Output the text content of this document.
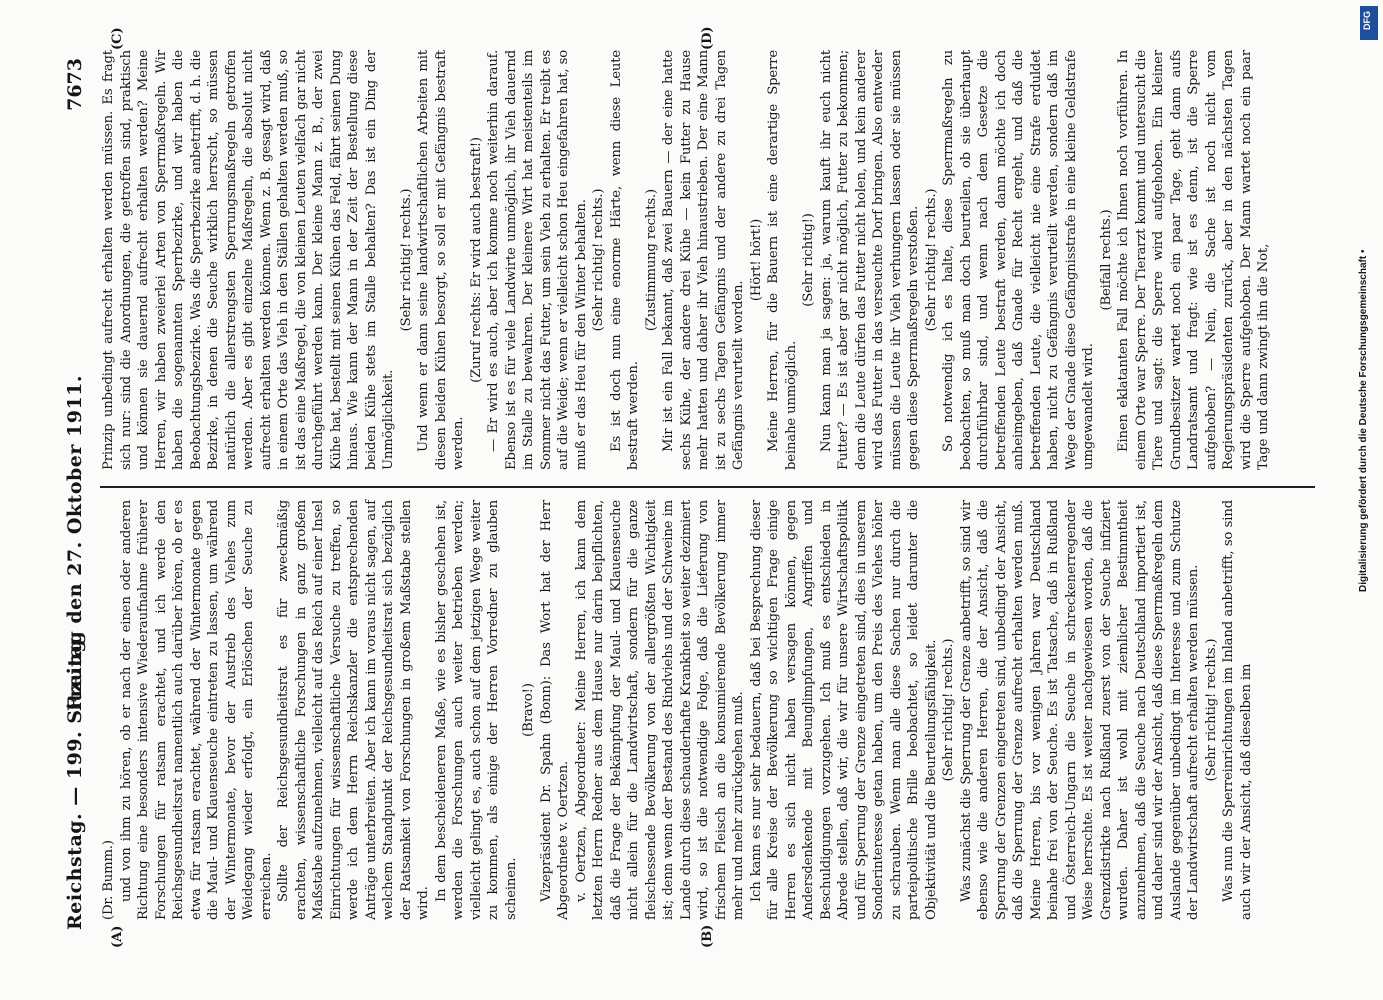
Reichstag. — 199. Sitzung.
Freitag den 27. Oktober 1911.
7673
(A)	(B)
(C)	(D)

(Dr. Bumm.) und von ihm zu hören, ob er nach der einen oder anderen Richtung eine besonders intensive Wiederaufnahme früherer Forschungen für ratsam erachtet, und ich werde den Reichsgesundheitsrat namentlich auch darüber hören, ob er es etwa für ratsam erachtet, während der Wintermonate gegen die Maul- und Klauenseuche eintreten zu lassen, um während der Wintermonate, bevor der Austrieb des Viehes zum Weidegang wieder erfolgt, ein Erlöschen der Seuche zu erreichen. Sollte der Reichsgesundheitsrat es für zweckmäßig erachten, wissenschaftliche Forschungen in ganz großem Maßstabe aufzunehmen, vielleicht auf das Reich auf einer Insel Einrichtungen für wissenschaftliche Versuche zu treffen, so werde ich dem Herrn Reichskanzler die entsprechenden Anträge unterbreiten. Aber ich kann im voraus nicht sagen, auf welchem Standpunkt der Reichsgesundheitsrat sich bezüglich der Ratsamkeit von Forschungen in großem Maßstabe stellen wird.

In dem bescheideneren Maße, wie es bisher geschehen ist, werden die Forschungen auch weiter betrieben werden; vielleicht gelingt es, auch schon auf dem jetzigen Wege weiter zu kommen, als einige der Herren Vorredner zu glauben scheinen.

(Bravo!) Vizepräsident Dr. Spahn (Bonn): Das Wort hat der Herr Abgeordnete v. Oertzen. v. Oertzen, Abgeordneter: Meine Herren, ich kann dem letzten Herrn Redner aus dem Hause nur darin beipflichten, daß die Frage der Bekämpfung der Maul- und Klauenseuche nicht allein für die Landwirtschaft, sondern für die ganze fleischessende Bevölkerung von der allergrößten Wichtigkeit ist; denn wenn der Bestand des Rindviehs und der Schweine im Lande durch diese schauderhafte Krankheit so weiter dezimiert wird, so ist die notwendige Folge, daß die Lieferung von frischem Fleisch an die konsumierende Bevölkerung immer mehr und mehr zurückgehen muß. Ich kann es nur sehr bedauern, daß bei Besprechung dieser für alle Kreise der Bevölkerung so wichtigen Frage einige Herren es sich nicht haben versagen können, gegen Andersdenkende mit Beunglimpfungen, Angriffen und Beschuldigungen vorzugehen. Ich muß es entschieden in Abrede stellen, daß wir, die wir für unsere Wirtschaftspolitik und für Sperrung der Grenze eingetreten sind, dies in unserem Sonderinteresse getan haben, um den Preis des Viehes höher zu schrauben. Wenn man alle diese Sachen nur durch die parteipolitische Brille beobachtet, so leidet darunter die Objektivität und die Beurteilungsfähigkeit. (Sehr richtig! rechts.) Was zunächst die Sperrung der Grenze anbetrifft, so sind wir ebenso wie die anderen Herren, die der Ansicht, daß die Sperrung der Grenzen eingetreten sind, unbedingt der Ansicht, daß die Sperrung der Grenze aufrecht erhalten werden muß. Meine Herren, bis vor wenigen Jahren war Deutschland beinahe frei von der Seuche. Es ist Tatsache, daß in Rußland und Österreich-Ungarn die Seuche in schreckenerregender Weise herrschte. Es ist weiter nachgewiesen worden, daß die Grenzdistrikte nach Rußland zuerst von der Seuche infiziert wurden. Daher ist wohl mit ziemlicher Bestimmtheit anzunehmen, daß die Seuche nach Deutschland importiert ist, und daher sind wir der Ansicht, daß diese Sperrmaßregeln dem Auslande gegenüber unbedingt im Interesse und zum Schutze der Landwirtschaft aufrecht erhalten werden müssen. (Sehr richtig! rechts.) Was nun die Sperreinrichtungen im Inland anbetrifft, so sind auch wir der Ansicht, daß dieselben im

Prinzip unbedingt aufrecht erhalten werden müssen. Es fragt sich nur: sind die Anordnungen, die getroffen sind, praktisch und können sie dauernd aufrecht erhalten werden? Meine Herren, wir haben zweierlei Arten von Sperrmaßregeln. Wir haben die sogenannten Sperrbezirke, und wir haben die Beobachtungsbezirke. Was die Sperrbezirke anbetrifft, d. h. die Bezirke, in denen die Seuche wirklich herrscht, so müssen natürlich die allerstrengsten Sperrungsmaßregeln getroffen werden. Aber es gibt einzelne Maßregeln, die absolut nicht aufrecht erhalten werden können. Wenn z. B. gesagt wird, daß in einem Orte das Vieh in den Ställen gehalten werden muß, so ist das eine Maßregel, die von kleinen Leuten vielfach gar nicht durchgeführt werden kann. Der kleine Mann z. B., der zwei Kühe hat, bestellt mit seinen Kühen das Feld, fährt seinen Dung hinaus. Wie kann der Mann in der Zeit der Bestellung diese beiden Kühe stets im Stalle behalten? Das ist ein Ding der Unmöglichkeit.

(Sehr richtig! rechts.) Und wenn er dann seine landwirtschaftlichen Arbeiten mit diesen beiden Kühen besorgt, so soll er mit Gefängnis bestraft werden.

(Zuruf rechts: Er wird auch bestraft!) — Er wird es auch, aber ich komme noch weiterhin darauf. Ebenso ist es für viele Landwirte unmöglich, ihr Vieh dauernd im Stalle zu bewahren. Der kleinere Wirt hat meistenteils im Sommer nicht das Futter, um sein Vieh zu erhalten. Er treibt es auf die Weide; wenn er vielleicht schon Heu eingefahren hat, so muß er das Heu für den Winter behalten. (Sehr richtig! rechts.) Es ist doch nun eine enorme Härte, wenn diese Leute bestraft werden.

(Zustimmung rechts.) Mir ist ein Fall bekannt, daß zwei Bauern — der eine hatte sechs Kühe, der andere drei Kühe — kein Futter zu Hause mehr hatten und daher ihr Vieh hinaustrieben. Der eine Mann ist zu sechs Tagen Gefängnis und der andere zu drei Tagen Gefängnis verurteilt worden.

(Hört! hört!) Meine Herren, für die Bauern ist eine derartige Sperre beinahe unmöglich.

(Sehr richtig!) Nun kann man ja sagen: ja, warum kauft ihr euch nicht Futter? — Es ist aber gar nicht möglich, Futter zu bekommen; denn die Leute dürfen das Futter nicht holen, und kein anderer wird das Futter in das verseuchte Dorf bringen. Also entweder müssen die Leute ihr Vieh verhungern lassen oder sie müssen gegen diese Sperrmaßregeln verstoßen. (Sehr richtig! rechts.) So notwendig ich es halte, diese Sperrmaßregeln zu beobachten, so muß man doch beurteilen, ob sie überhaupt durchführbar sind, und wenn nach dem Gesetze die betreffenden Leute bestraft werden, dann möchte ich doch anheimgeben, daß Gnade für Recht ergeht, und daß die betreffenden Leute, die vielleicht nie eine Strafe erduldet haben, nicht zu Gefängnis verurteilt werden, sondern daß im Wege der Gnade diese Gefängnisstrafe in eine kleine Geldstrafe umgewandelt wird.

(Beifall rechts.) Einen eklatanten Fall möchte ich Ihnen noch vorführen. In einem Orte war Sperre. Der Tierarzt kommt und untersucht die Tiere und sagt: die Sperre wird aufgehoben. Ein kleiner Grundbesitzer wartet noch ein paar Tage, geht dann aufs Landratsamt und fragt: wie ist es denn, ist die Sperre aufgehoben? — Nein, die Sache ist noch nicht vom Regierungspräsidenten zurück, aber in den nächsten Tagen wird die Sperre aufgehoben. Der Mann wartet noch ein paar Tage und dann zwingt ihn die Not,

DFG
Digitalisierung gefördert durch die Deutsche Forschungsgemeinschaft •
